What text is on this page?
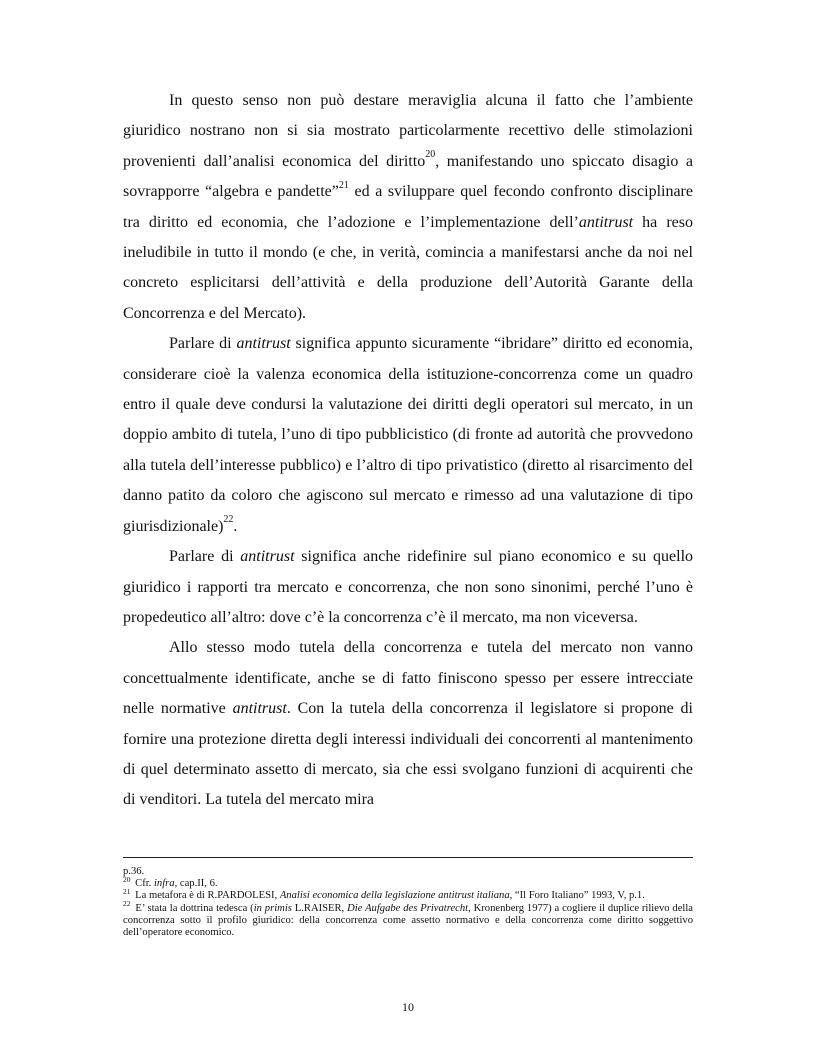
In questo senso non può destare meraviglia alcuna il fatto che l’ambiente giuridico nostrano non si sia mostrato particolarmente recettivo delle stimolazioni provenienti dall’analisi economica del diritto$^{20}$, manifestando uno spiccato disagio a sovrapporre “algebra e pandette”$^{21}$ ed a sviluppare quel fecondo confronto disciplinare tra diritto ed economia, che l’adozione e l’implementazione dell’antitrust ha reso ineludibile in tutto il mondo (e che, in verità, comincia a manifestarsi anche da noi nel concreto esplicitarsi dell’attività e della produzione dell’Autorità Garante della Concorrenza e del Mercato).

Parlare di antitrust significa appunto sicuramente “ibridare” diritto ed economia, considerare cioè la valenza economica della istituzione-concorrenza come un quadro entro il quale deve condursi la valutazione dei diritti degli operatori sul mercato, in un doppio ambito di tutela, l’uno di tipo pubblicistico (di fronte ad autorità che provvedono alla tutela dell’interesse pubblico) e l’altro di tipo privatistico (diretto al risarcimento del danno patito da coloro che agiscono sul mercato e rimesso ad una valutazione di tipo giurisdizionale)$^{22}$.

Parlare di antitrust significa anche ridefinire sul piano economico e su quello giuridico i rapporti tra mercato e concorrenza, che non sono sinonimi, perché l’uno è propedeutico all’altro: dove c’è la concorrenza c’è il mercato, ma non viceversa.

Allo stesso modo tutela della concorrenza e tutela del mercato non vanno concettualmente identificate, anche se di fatto finiscono spesso per essere intrecciate nelle normative antitrust. Con la tutela della concorrenza il legislatore si propone di fornire una protezione diretta degli interessi individuali dei concorrenti al mantenimento di quel determinato assetto di mercato, sia che essi svolgano funzioni di acquirenti che di venditori. La tutela del mercato mira

p.36.

$^{20}$ Cfr. infra, cap.II, 6.

$^{21}$ La metafora è di R.PARDOLESI, Analisi economica della legislazione antitrust italiana, “Il Foro Italiano” 1993, V, p.1.

$^{22}$ E’ stata la dottrina tedesca (in primis L.RAISER, Die Aufgabe des Privatrecht, Kronenberg 1977) a cogliere il duplice rilievo della concorrenza sotto il profilo giuridico: della concorrenza come assetto normativo e della concorrenza come diritto soggettivo dell’operatore economico.

10
